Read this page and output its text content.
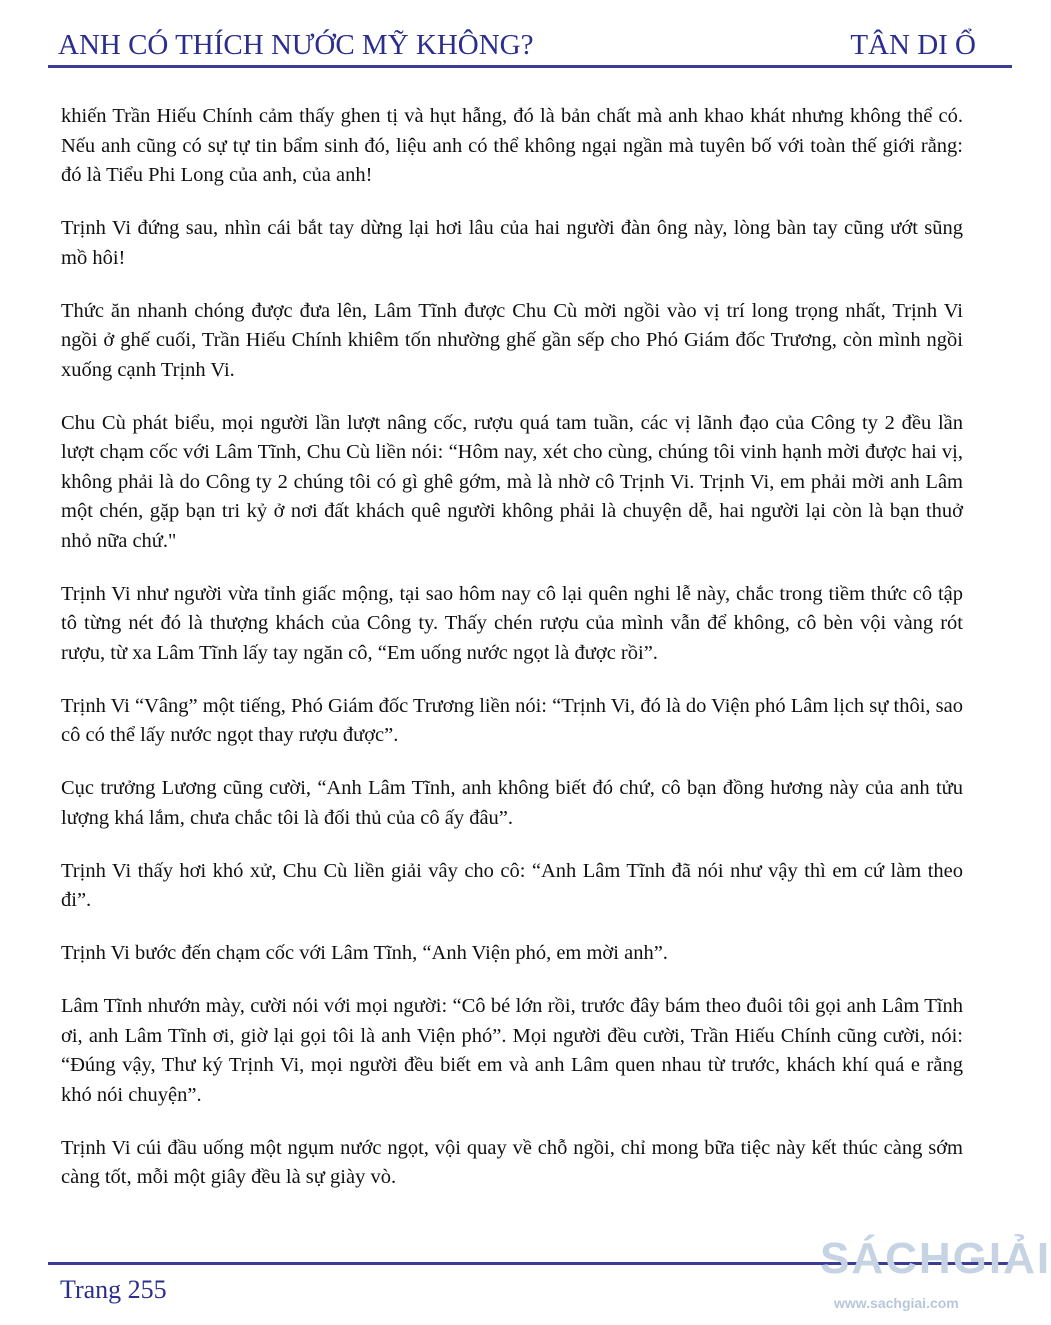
ANH CÓ THÍCH NƯỚC MỸ KHÔNG?	TÂN DI Ổ

khiến Trần Hiếu Chính cảm thấy ghen tị và hụt hẫng, đó là bản chất mà anh khao khát nhưng không thể có. Nếu anh cũng có sự tự tin bẩm sinh đó, liệu anh có thể không ngại ngần mà tuyên bố với toàn thế giới rằng: đó là Tiểu Phi Long của anh, của anh!

Trịnh Vi đứng sau, nhìn cái bắt tay dừng lại hơi lâu của hai người đàn ông này, lòng bàn tay cũng ướt sũng mồ hôi!

Thức ăn nhanh chóng được đưa lên, Lâm Tĩnh được Chu Cù mời ngồi vào vị trí long trọng nhất, Trịnh Vi ngồi ở ghế cuối, Trần Hiếu Chính khiêm tốn nhường ghế gần sếp cho Phó Giám đốc Trương, còn mình ngồi xuống cạnh Trịnh Vi.

Chu Cù phát biểu, mọi người lần lượt nâng cốc, rượu quá tam tuần, các vị lãnh đạo của Công ty 2 đều lần lượt chạm cốc với Lâm Tĩnh, Chu Cù liền nói: “Hôm nay, xét cho cùng, chúng tôi vinh hạnh mời được hai vị, không phải là do Công ty 2 chúng tôi có gì ghê gớm, mà là nhờ cô Trịnh Vi. Trịnh Vi, em phải mời anh Lâm một chén, gặp bạn tri kỷ ở nơi đất khách quê người không phải là chuyện dễ, hai người lại còn là bạn thuở nhỏ nữa chứ."

Trịnh Vi như người vừa tỉnh giấc mộng, tại sao hôm nay cô lại quên nghi lễ này, chắc trong tiềm thức cô tập tô từng nét đó là thượng khách của Công ty. Thấy chén rượu của mình vẫn để không, cô bèn vội vàng rót rượu, từ xa Lâm Tĩnh lấy tay ngăn cô, “Em uống nước ngọt là được rồi”.

Trịnh Vi “Vâng” một tiếng, Phó Giám đốc Trương liền nói: “Trịnh Vi, đó là do Viện phó Lâm lịch sự thôi, sao cô có thể lấy nước ngọt thay rượu được”.

Cục trưởng Lương cũng cười, “Anh Lâm Tĩnh, anh không biết đó chứ, cô bạn đồng hương này của anh tửu lượng khá lắm, chưa chắc tôi là đối thủ của cô ấy đâu”.

Trịnh Vi thấy hơi khó xử, Chu Cù liền giải vây cho cô: “Anh Lâm Tĩnh đã nói như vậy thì em cứ làm theo đi”.

Trịnh Vi bước đến chạm cốc với Lâm Tĩnh, “Anh Viện phó, em mời anh”.

Lâm Tĩnh nhướn mày, cười nói với mọi người: “Cô bé lớn rồi, trước đây bám theo đuôi tôi gọi anh Lâm Tĩnh ơi, anh Lâm Tĩnh ơi, giờ lại gọi tôi là anh Viện phó”. Mọi người đều cười, Trần Hiếu Chính cũng cười, nói: “Đúng vậy, Thư ký Trịnh Vi, mọi người đều biết em và anh Lâm quen nhau từ trước, khách khí quá e rằng khó nói chuyện”.

Trịnh Vi cúi đầu uống một ngụm nước ngọt, vội quay về chỗ ngồi, chỉ mong bữa tiệc này kết thúc càng sớm càng tốt, mỗi một giây đều là sự giày vò.

Trang 255
SÁCHGIẢI
www.sachgiai.com
